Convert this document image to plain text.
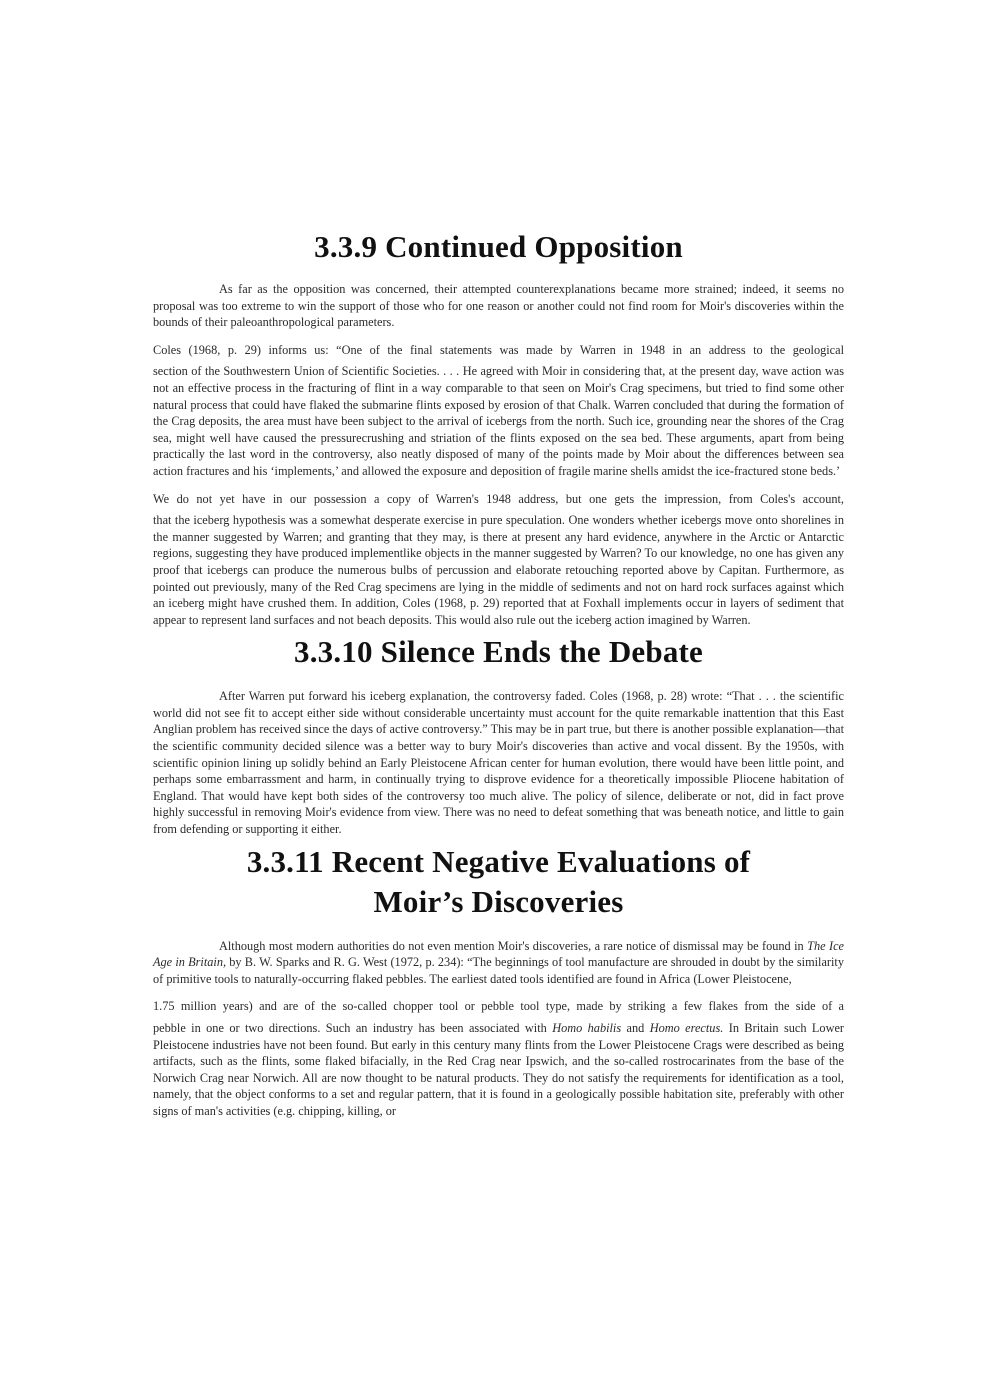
3.3.9 Continued Opposition

As far as the opposition was concerned, their attempted counterexplanations became more strained; indeed, it seems no proposal was too extreme to win the support of those who for one reason or another could not find room for Moir's discoveries within the bounds of their paleoanthropological parameters.

Coles (1968, p. 29) informs us: “One of the final statements was made by Warren in 1948 in an address to the geological

section of the Southwestern Union of Scientific Societies. . . . He agreed with Moir in considering that, at the present day, wave action was not an effective process in the fracturing of flint in a way comparable to that seen on Moir's Crag specimens, but tried to find some other natural process that could have flaked the submarine flints exposed by erosion of that Chalk. Warren concluded that during the formation of the Crag deposits, the area must have been subject to the arrival of icebergs from the north. Such ice, grounding near the shores of the Crag sea, might well have caused the pressurecrushing and striation of the flints exposed on the sea bed. These arguments, apart from being practically the last word in the controversy, also neatly disposed of many of the points made by Moir about the differences between sea action fractures and his ‘implements,’ and allowed the exposure and deposition of fragile marine shells amidst the ice-fractured stone beds.’

We do not yet have in our possession a copy of Warren's 1948 address, but one gets the impression, from Coles's account,

that the iceberg hypothesis was a somewhat desperate exercise in pure speculation. One wonders whether icebergs move onto shorelines in the manner suggested by Warren; and granting that they may, is there at present any hard evidence, anywhere in the Arctic or Antarctic regions, suggesting they have produced implementlike objects in the manner suggested by Warren? To our knowledge, no one has given any proof that icebergs can produce the numerous bulbs of percussion and elaborate retouching reported above by Capitan. Furthermore, as pointed out previously, many of the Red Crag specimens are lying in the middle of sediments and not on hard rock surfaces against which an iceberg might have crushed them. In addition, Coles (1968, p. 29) reported that at Foxhall implements occur in layers of sediment that appear to represent land surfaces and not beach deposits. This would also rule out the iceberg action imagined by Warren.

3.3.10 Silence Ends the Debate

After Warren put forward his iceberg explanation, the controversy faded. Coles (1968, p. 28) wrote: “That . . . the scientific world did not see fit to accept either side without considerable uncertainty must account for the quite remarkable inattention that this East Anglian problem has received since the days of active controversy.” This may be in part true, but there is another possible explanation—that the scientific community decided silence was a better way to bury Moir's discoveries than active and vocal dissent. By the 1950s, with scientific opinion lining up solidly behind an Early Pleistocene African center for human evolution, there would have been little point, and perhaps some embarrassment and harm, in continually trying to disprove evidence for a theoretically impossible Pliocene habitation of England. That would have kept both sides of the controversy too much alive. The policy of silence, deliberate or not, did in fact prove highly successful in removing Moir's evidence from view. There was no need to defeat something that was beneath notice, and little to gain from defending or supporting it either.

3.3.11 Recent Negative Evaluations of
Moir’s Discoveries

Although most modern authorities do not even mention Moir's discoveries, a rare notice of dismissal may be found in The Ice Age in Britain, by B. W. Sparks and R. G. West (1972, p. 234): “The beginnings of tool manufacture are shrouded in doubt by the similarity of primitive tools to naturally-occurring flaked pebbles. The earliest dated tools identified are found in Africa (Lower Pleistocene,

1.75 million years) and are of the so-called chopper tool or pebble tool type, made by striking a few flakes from the side of a

pebble in one or two directions. Such an industry has been associated with Homo habilis and Homo erectus. In Britain such Lower Pleistocene industries have not been found. But early in this century many flints from the Lower Pleistocene Crags were described as being artifacts, such as the flints, some flaked bifacially, in the Red Crag near Ipswich, and the so-called rostrocarinates from the base of the Norwich Crag near Norwich. All are now thought to be natural products. They do not satisfy the requirements for identification as a tool, namely, that the object conforms to a set and regular pattern, that it is found in a geologically possible habitation site, preferably with other signs of man's activities (e.g. chipping, killing, or
